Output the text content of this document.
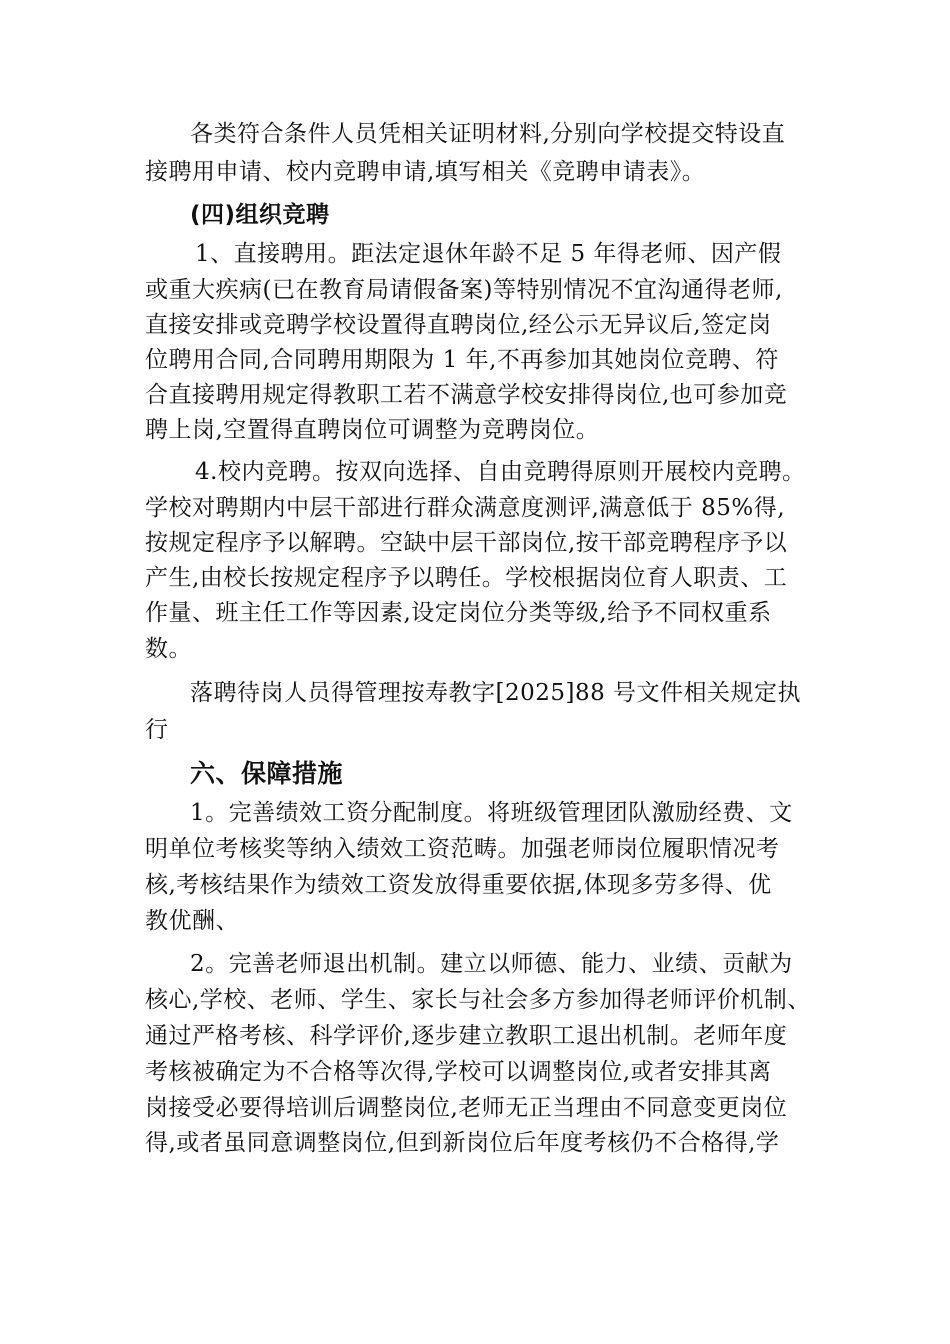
各类符合条件人员凭相关证明材料,分别向学校提交特设直
接聘用申请、校内竞聘申请,填写相关《竞聘申请表》。
(四)组织竞聘
1、直接聘用。距法定退休年龄不足 5 年得老师、因产假
或重大疾病(已在教育局请假备案)等特别情况不宜沟通得老师,
直接安排或竞聘学校设置得直聘岗位,经公示无异议后,签定岗
位聘用合同,合同聘用期限为 1 年,不再参加其她岗位竞聘、符
合直接聘用规定得教职工若不满意学校安排得岗位,也可参加竞
聘上岗,空置得直聘岗位可调整为竞聘岗位。
4.校内竞聘。按双向选择、自由竞聘得原则开展校内竞聘。
学校对聘期内中层干部进行群众满意度测评,满意低于 85%得,
按规定程序予以解聘。空缺中层干部岗位,按干部竞聘程序予以
产生,由校长按规定程序予以聘任。学校根据岗位育人职责、工
作量、班主任工作等因素,设定岗位分类等级,给予不同权重系
数。
落聘待岗人员得管理按寿教字[2025]88 号文件相关规定执
行
六、保障措施
1。完善绩效工资分配制度。将班级管理团队激励经费、文
明单位考核奖等纳入绩效工资范畴。加强老师岗位履职情况考
核,考核结果作为绩效工资发放得重要依据,体现多劳多得、优
教优酬、
2。完善老师退出机制。建立以师德、能力、业绩、贡献为
核心,学校、老师、学生、家长与社会多方参加得老师评价机制、
通过严格考核、科学评价,逐步建立教职工退出机制。老师年度
考核被确定为不合格等次得,学校可以调整岗位,或者安排其离
岗接受必要得培训后调整岗位,老师无正当理由不同意变更岗位
得,或者虽同意调整岗位,但到新岗位后年度考核仍不合格得,学
